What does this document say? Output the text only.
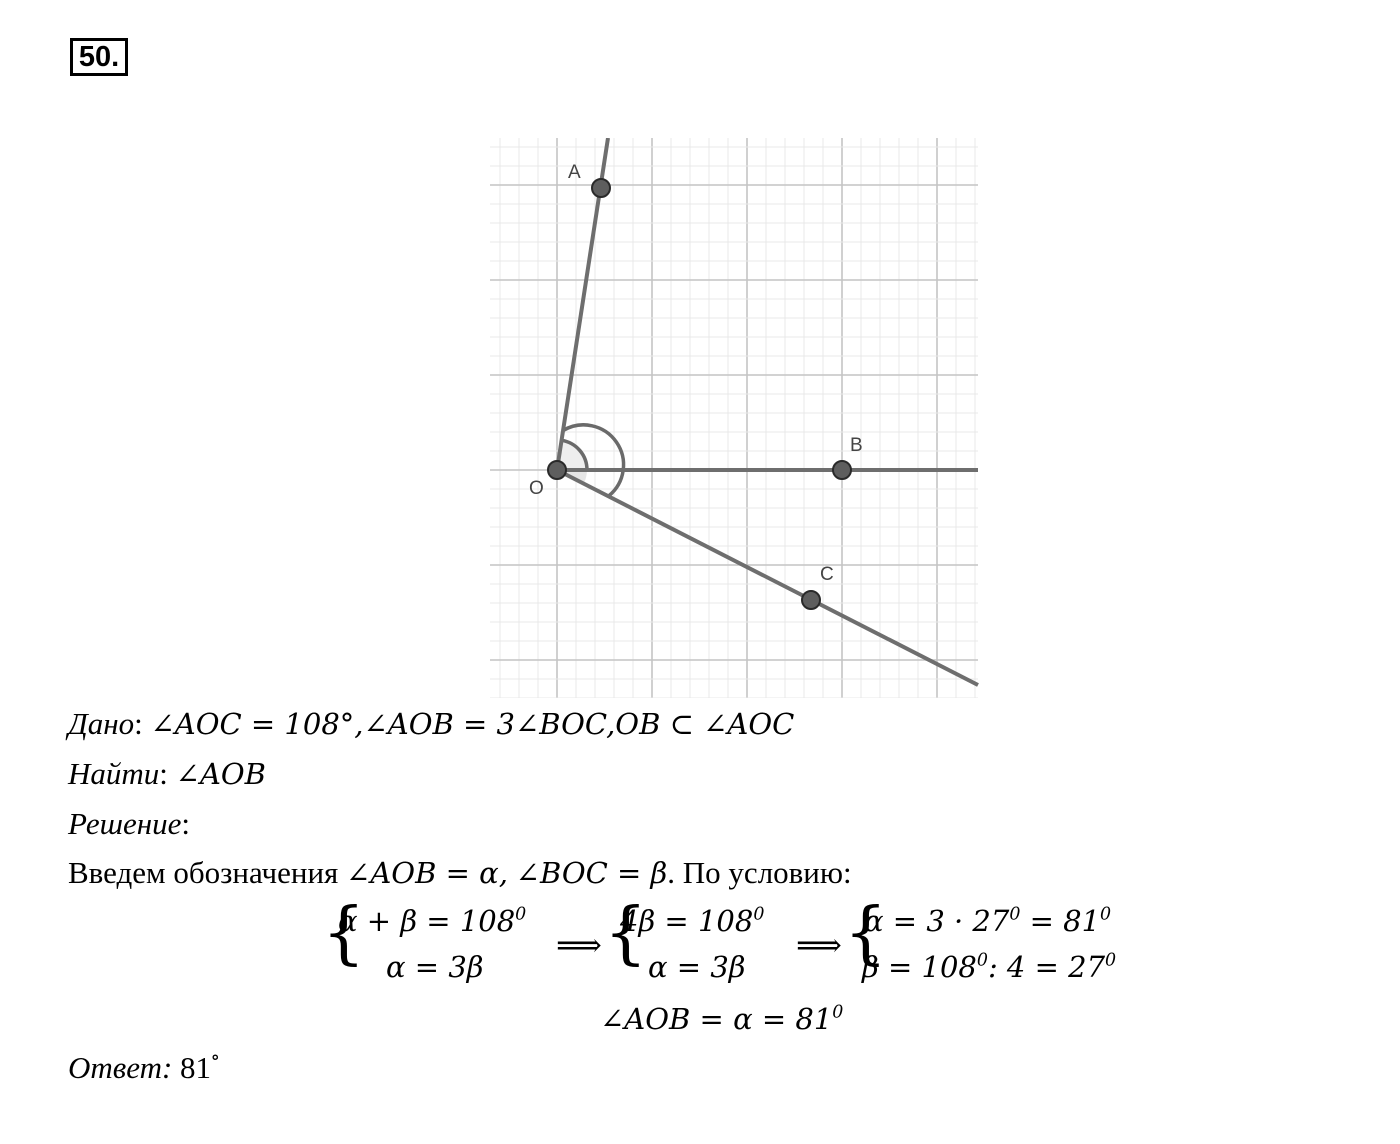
50.
A
O
B
C
Дано: ∠AOC = 108°,∠AOB = 3∠BOC,OB ⊂ ∠AOC
Найти: ∠AOB
Решение:
Введем обозначения ∠AOB = α, ∠BOC = β. По условию:
{
$\alpha + \beta = 108^0$
α = 3β
⟹ {
$4\beta = 108^0$
α = 3β
⟹ {
$\alpha = 3 \cdot 27^0 = 81^0$
$\beta = 108^0$: $4 = 27^0$
∠AOB = $\alpha = 81^0$
Ответ: 81°
